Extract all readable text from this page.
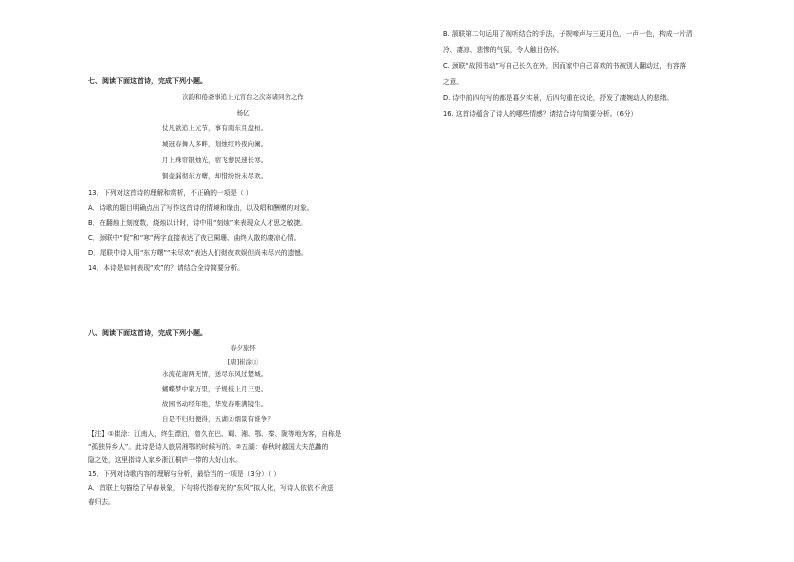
七、阅读下面这首诗，完成下列小题。
次韵和倦斋事追上元宵台之次寄诸同舍之作
杨亿
仗凡欲追上元节，事有南东且盘桓。
城冠春舞人多畔，划烛红吟夜向阑。
月上珠帘银烛光，宿飞蓼民速长寒。
铜壶漏彻东方曙，却惜纷纷未尽欢。
13．下列对这首诗的理解和赏析，不正确的一项是（ ）
A．诗歌的题目明确点出了写作这首诗的情境和缘由，以及唱和酬赠的对象。
B．在翻烛上刻度数，烧烛以计时，诗中用“刻烛”来表现众人才思之敏捷。
C．颈联中“促”和“寒”两字直接表达了夜已阑珊、曲终人散的凄凉心情。
D．尾联中诗人用“东方曙”“未尽欢”表达人们彻夜欢娱但尚未尽兴的遗憾。
14．本诗是如何表现“欢”的？请结合全诗简要分析。
八、阅读下面这首诗，完成下列小题。
春夕旅怀
[唐]崔涂①
水流花谢两无情，送尽东风过楚城。
蝴蝶梦中家万里，子规枝上月三更。
故园书动经年绝，华发春唯满镜生。
自是不归归便得，五湖②烟景有谁争？
【注】①崔涂：江南人，终生漂泊，曾久在巴、蜀、湘、鄂、秦、陇等地为客，自称是
“孤独异乡人”。此诗是诗人旅居湘鄂的时候写的。②五湖：春秋时越国大夫范蠡的
隐之处，这里指诗人家乡浙江桐庐一带的大好山水。
15．下列对诗歌内容的理解与分析，最恰当的一项是（3分）（ ）
A．首联上句描绘了早春景象，下句将代指春光的“东风”拟人化，写诗人依依不舍送
春归去。
B. 颔联第二句运用了视听结合的手法，子规啼声与三更月色，一声一色，构成一片清
冷、凄凉、悲惨的气氛，令人触目伤怀。
C. 颈联“故园书动”写自己长久在外，因而家中自己喜欢的书被别人翻动过，有容落
之意。
D. 诗中前四句写的都是暮夕实景，后四句重在议论，抒发了凄婉动人的悲绪。
16. 这首诗蕴含了诗人的哪些情感？请结合诗句简要分析。（6分）
